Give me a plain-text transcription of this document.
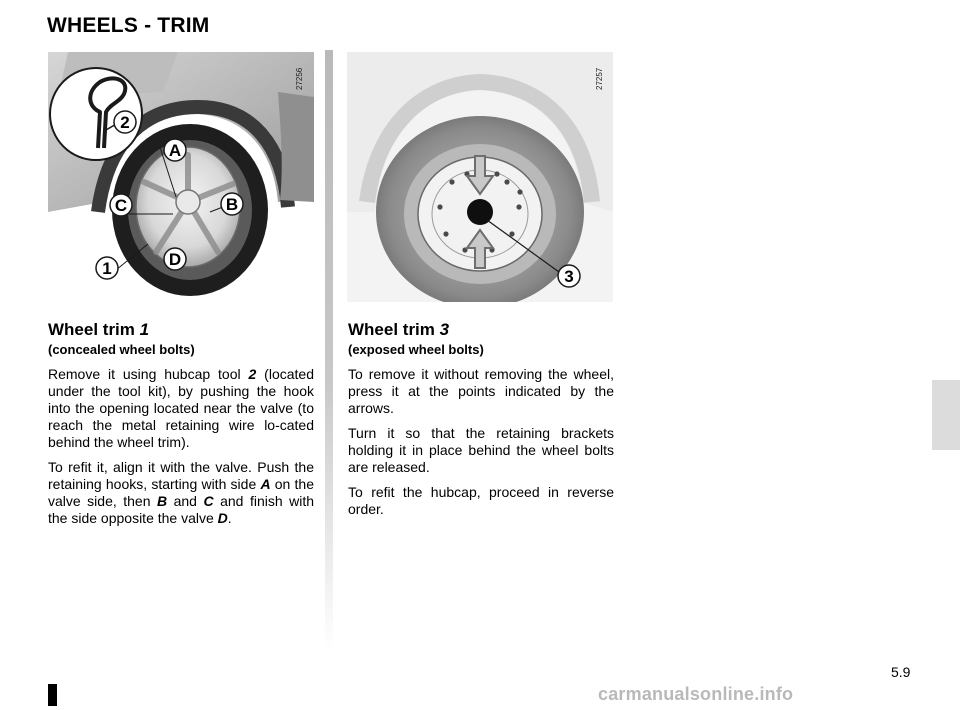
WHEELS - TRIM
2
A
B
C
D
1
27256
3
27257
Wheel trim 1
(concealed wheel bolts)

Remove it using hubcap tool 2 (located under the tool kit), by pushing the hook into the opening located near the valve (to reach the metal retaining wire lo-cated behind the wheel trim).

To refit it, align it with the valve. Push the retaining hooks, starting with side A on the valve side, then B and C and finish with the side opposite the valve D.

Wheel trim 3
(exposed wheel bolts)

To remove it without removing the wheel, press it at the points indicated by the arrows.

Turn it so that the retaining brackets holding it in place behind the wheel bolts are released.

To refit the hubcap, proceed in reverse order.

5.9
carmanualsonline.info
